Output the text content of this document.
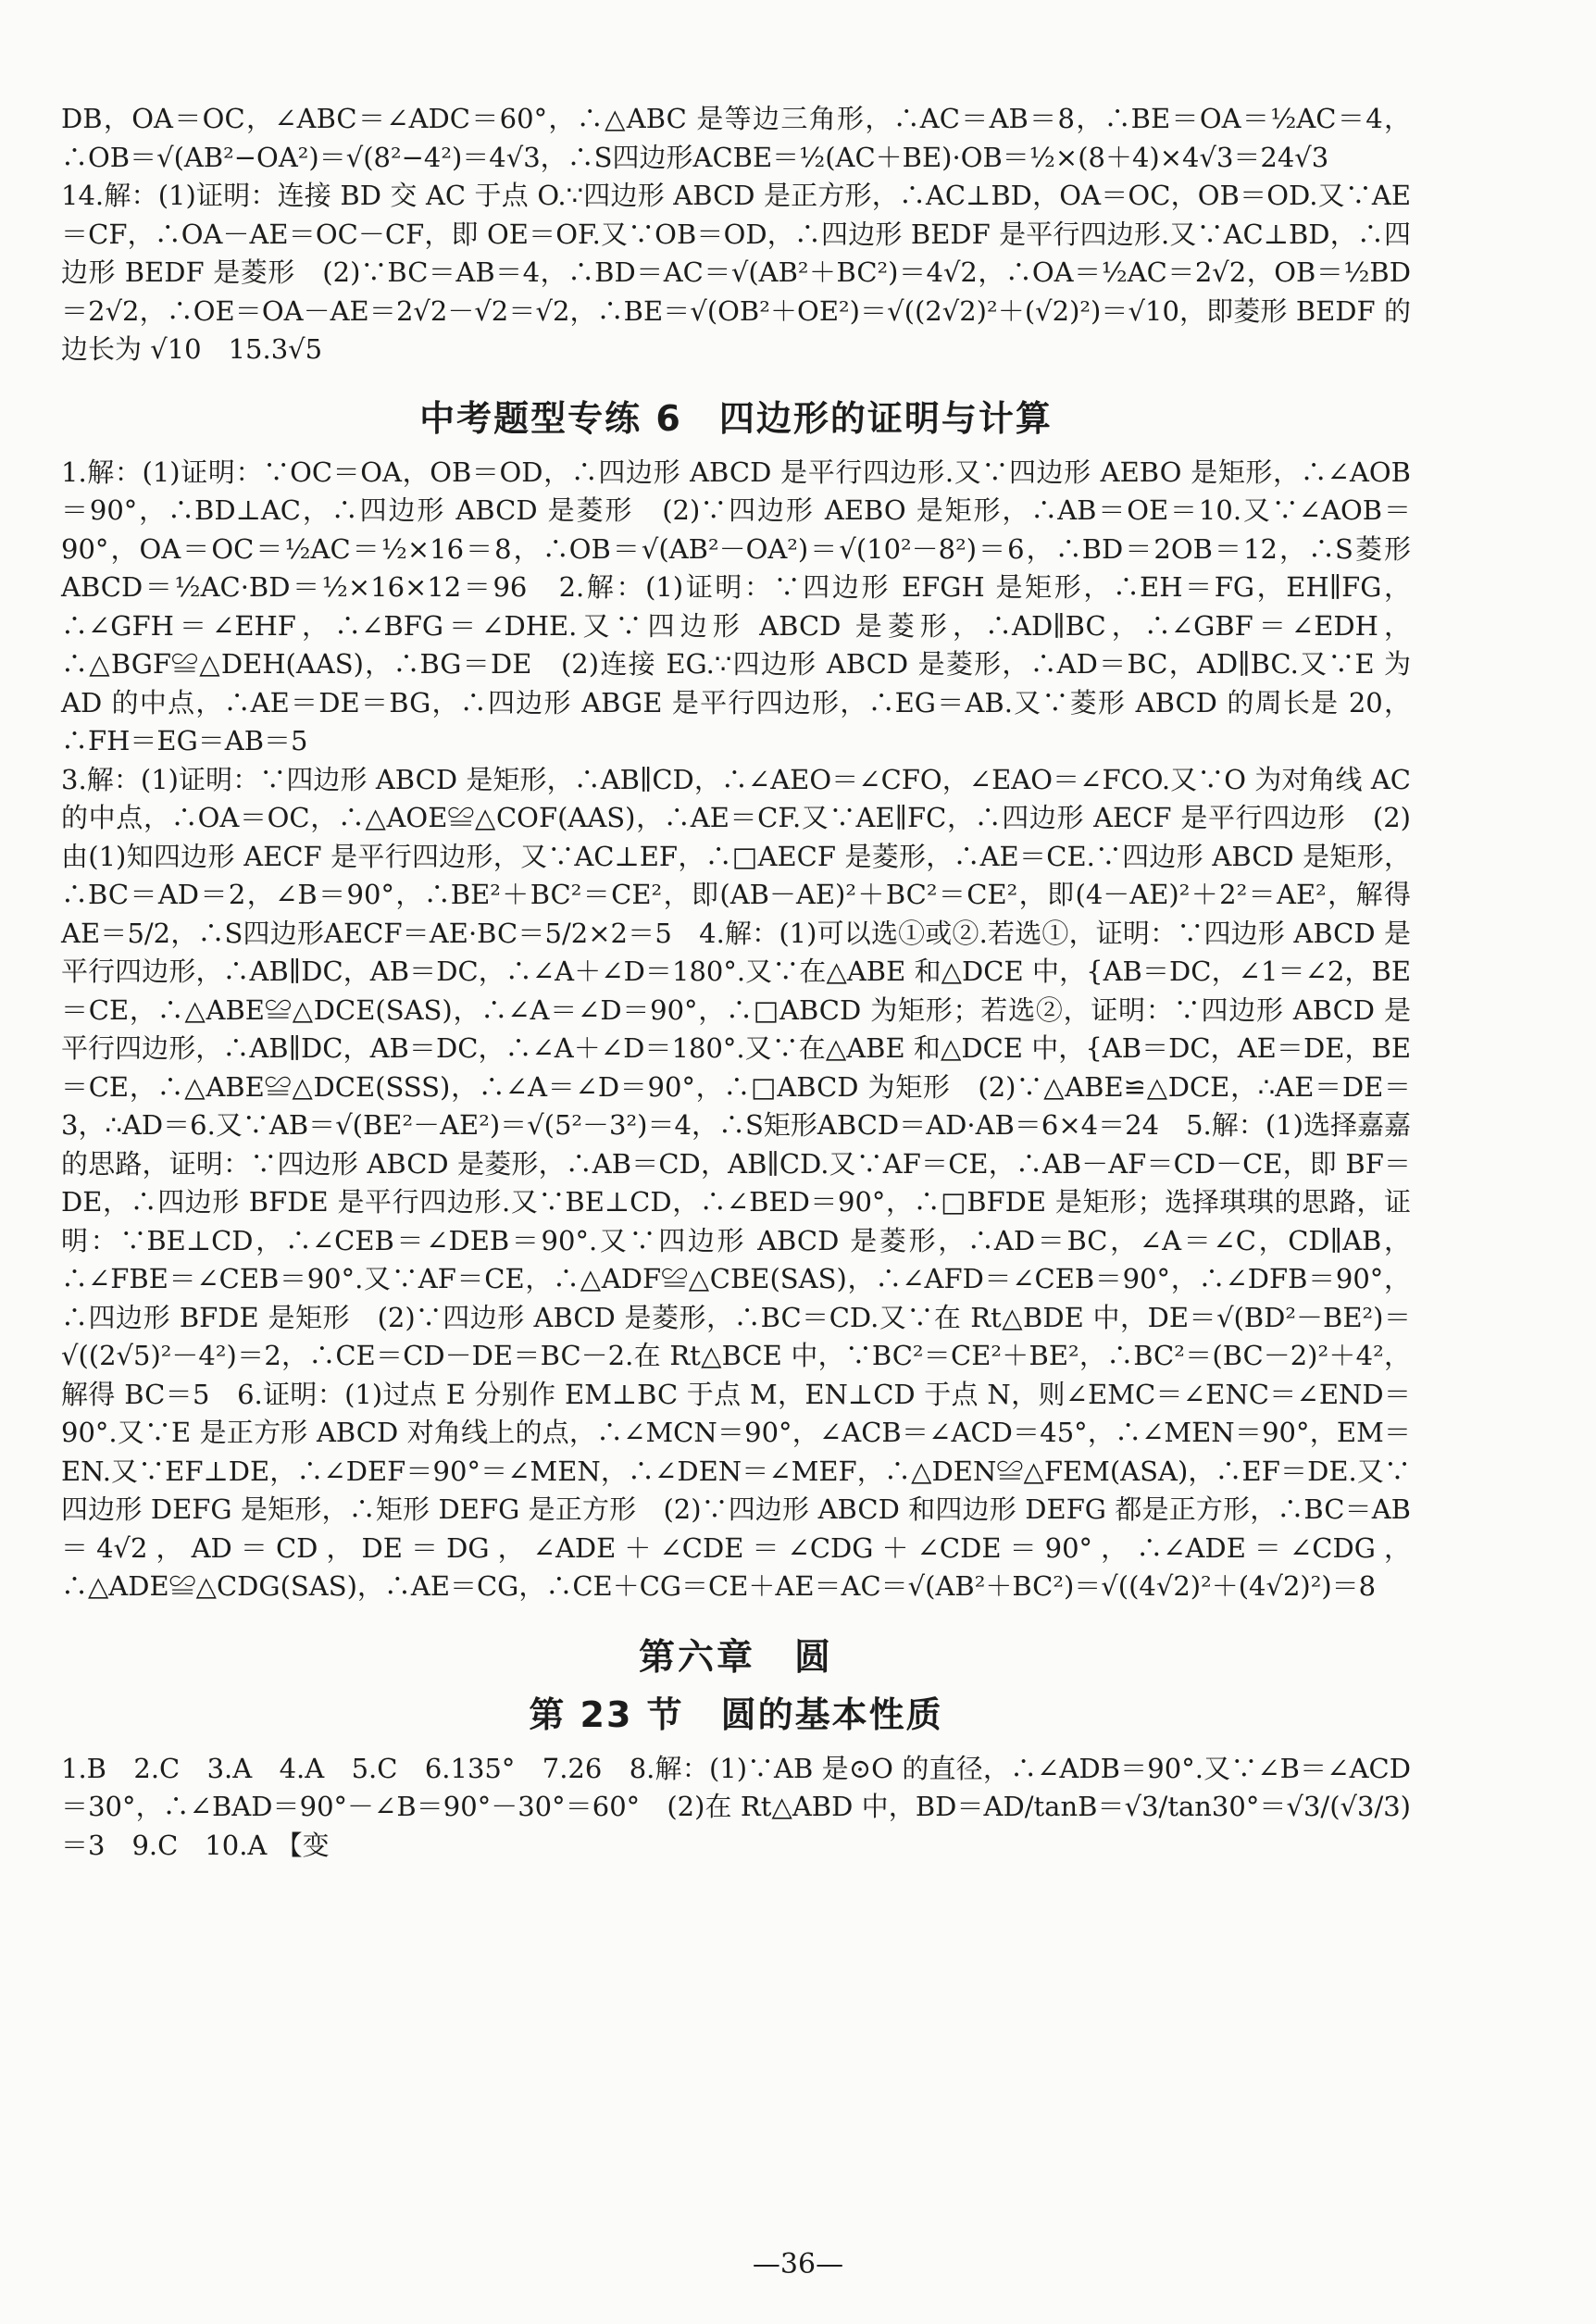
DB，OA＝OC，∠ABC＝∠ADC＝60°，∴△ABC 是等边三角形，∴AC＝AB＝8，∴BE＝OA＝½AC＝4，∴OB＝√(AB²−OA²)＝√(8²−4²)＝4√3，∴S四边形ACBE＝½(AC＋BE)·OB＝½×(8＋4)×4√3＝24√3

14.解：(1)证明：连接 BD 交 AC 于点 O.∵四边形 ABCD 是正方形，∴AC⊥BD，OA＝OC，OB＝OD.又∵AE＝CF，∴OA－AE＝OC－CF，即 OE＝OF.又∵OB＝OD，∴四边形 BEDF 是平行四边形.又∵AC⊥BD，∴四边形 BEDF 是菱形　(2)∵BC＝AB＝4，∴BD＝AC＝√(AB²＋BC²)＝4√2，∴OA＝½AC＝2√2，OB＝½BD＝2√2，∴OE＝OA－AE＝2√2－√2＝√2，∴BE＝√(OB²＋OE²)＝√((2√2)²＋(√2)²)＝√10，即菱形 BEDF 的边长为 √10　15.3√5

中考题型专练 6　四边形的证明与计算

1.解：(1)证明：∵OC＝OA，OB＝OD，∴四边形 ABCD 是平行四边形.又∵四边形 AEBO 是矩形，∴∠AOB＝90°，∴BD⊥AC，∴四边形 ABCD 是菱形　(2)∵四边形 AEBO 是矩形，∴AB＝OE＝10.又∵∠AOB＝90°，OA＝OC＝½AC＝½×16＝8，∴OB＝√(AB²－OA²)＝√(10²－8²)＝6，∴BD＝2OB＝12，∴S菱形ABCD＝½AC·BD＝½×16×12＝96　2.解：(1)证明：∵四边形 EFGH 是矩形，∴EH＝FG，EH∥FG，∴∠GFH＝∠EHF，∴∠BFG＝∠DHE.又∵四边形 ABCD 是菱形，∴AD∥BC，∴∠GBF＝∠EDH，∴△BGF≌△DEH(AAS)，∴BG＝DE　(2)连接 EG.∵四边形 ABCD 是菱形，∴AD＝BC，AD∥BC.又∵E 为 AD 的中点，∴AE＝DE＝BG，∴四边形 ABGE 是平行四边形，∴EG＝AB.又∵菱形 ABCD 的周长是 20，∴FH＝EG＝AB＝5

3.解：(1)证明：∵四边形 ABCD 是矩形，∴AB∥CD，∴∠AEO＝∠CFO，∠EAO＝∠FCO.又∵O 为对角线 AC 的中点，∴OA＝OC，∴△AOE≌△COF(AAS)，∴AE＝CF.又∵AE∥FC，∴四边形 AECF 是平行四边形　(2)由(1)知四边形 AECF 是平行四边形，又∵AC⊥EF，∴□AECF 是菱形，∴AE＝CE.∵四边形 ABCD 是矩形，∴BC＝AD＝2，∠B＝90°，∴BE²＋BC²＝CE²，即(AB－AE)²＋BC²＝CE²，即(4－AE)²＋2²＝AE²，解得 AE＝5/2，∴S四边形AECF＝AE·BC＝5/2×2＝5　4.解：(1)可以选①或②.若选①，证明：∵四边形 ABCD 是平行四边形，∴AB∥DC，AB＝DC，∴∠A＋∠D＝180°.又∵在△ABE 和△DCE 中，{AB＝DC，∠1＝∠2，BE＝CE，∴△ABE≌△DCE(SAS)，∴∠A＝∠D＝90°，∴□ABCD 为矩形；若选②，证明：∵四边形 ABCD 是平行四边形，∴AB∥DC，AB＝DC，∴∠A＋∠D＝180°.又∵在△ABE 和△DCE 中，{AB＝DC，AE＝DE，BE＝CE，∴△ABE≌△DCE(SSS)，∴∠A＝∠D＝90°，∴□ABCD 为矩形　(2)∵△ABE≌△DCE，∴AE＝DE＝3，∴AD＝6.又∵AB＝√(BE²－AE²)＝√(5²－3²)＝4，∴S矩形ABCD＝AD·AB＝6×4＝24　5.解：(1)选择嘉嘉的思路，证明：∵四边形 ABCD 是菱形，∴AB＝CD，AB∥CD.又∵AF＝CE，∴AB－AF＝CD－CE，即 BF＝DE，∴四边形 BFDE 是平行四边形.又∵BE⊥CD，∴∠BED＝90°，∴□BFDE 是矩形；选择琪琪的思路，证明：∵BE⊥CD，∴∠CEB＝∠DEB＝90°.又∵四边形 ABCD 是菱形，∴AD＝BC，∠A＝∠C，CD∥AB，∴∠FBE＝∠CEB＝90°.又∵AF＝CE，∴△ADF≌△CBE(SAS)，∴∠AFD＝∠CEB＝90°，∴∠DFB＝90°，∴四边形 BFDE 是矩形　(2)∵四边形 ABCD 是菱形，∴BC＝CD.又∵在 Rt△BDE 中，DE＝√(BD²－BE²)＝√((2√5)²－4²)＝2，∴CE＝CD－DE＝BC－2.在 Rt△BCE 中，∵BC²＝CE²＋BE²，∴BC²＝(BC－2)²＋4²，解得 BC＝5　6.证明：(1)过点 E 分别作 EM⊥BC 于点 M，EN⊥CD 于点 N，则∠EMC＝∠ENC＝∠END＝90°.又∵E 是正方形 ABCD 对角线上的点，∴∠MCN＝90°，∠ACB＝∠ACD＝45°，∴∠MEN＝90°，EM＝EN.又∵EF⊥DE，∴∠DEF＝90°＝∠MEN，∴∠DEN＝∠MEF，∴△DEN≌△FEM(ASA)，∴EF＝DE.又∵四边形 DEFG 是矩形，∴矩形 DEFG 是正方形　(2)∵四边形 ABCD 和四边形 DEFG 都是正方形，∴BC＝AB＝4√2，AD＝CD，DE＝DG，∠ADE＋∠CDE＝∠CDG＋∠CDE＝90°，∴∠ADE＝∠CDG，∴△ADE≌△CDG(SAS)，∴AE＝CG，∴CE＋CG＝CE＋AE＝AC＝√(AB²＋BC²)＝√((4√2)²＋(4√2)²)＝8

第六章　圆
第 23 节　圆的基本性质

1.B　2.C　3.A　4.A　5.C　6.135°　7.26　8.解：(1)∵AB 是⊙O 的直径，∴∠ADB＝90°.又∵∠B＝∠ACD＝30°，∴∠BAD＝90°－∠B＝90°－30°＝60°　(2)在 Rt△ABD 中，BD＝AD/tanB＝√3/tan30°＝√3/(√3/3)＝3　9.C　10.A 【变

—36—
